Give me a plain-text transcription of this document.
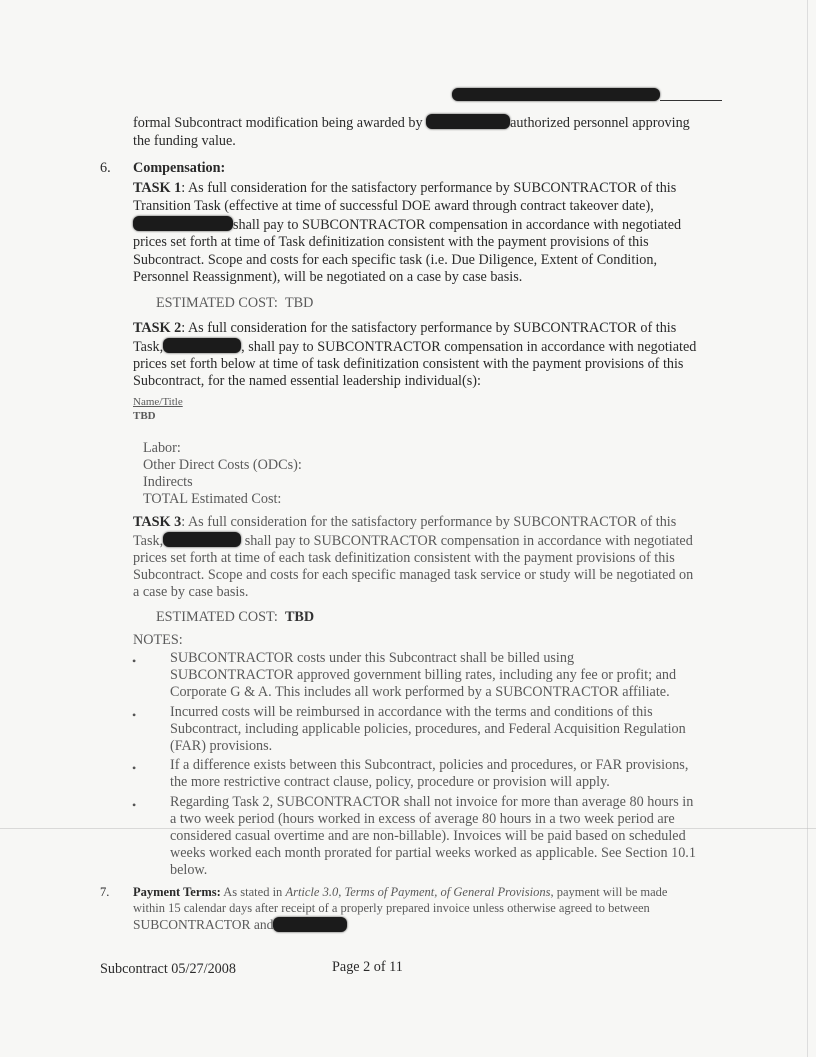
formal Subcontract modification being awarded by	authorized personnel approving
the funding value.
6. Compensation:
TASK 1: As full consideration for the satisfactory performance by SUBCONTRACTOR of this
Transition Task (effective at time of successful DOE award through contract takeover date),
shall pay to SUBCONTRACTOR compensation in accordance with negotiated
prices set forth at time of Task definitization consistent with the payment provisions of this
Subcontract. Scope and costs for each specific task (i.e. Due Diligence, Extent of Condition,
Personnel Reassignment), will be negotiated on a case by case basis.
ESTIMATED COST: TBD
TASK 2: As full consideration for the satisfactory performance by SUBCONTRACTOR of this
Task,	, shall pay to SUBCONTRACTOR compensation in accordance with negotiated
prices set forth below at time of task definitization consistent with the payment provisions of this
Subcontract, for the named essential leadership individual(s):
Name/Title
TBD
Labor:
Other Direct Costs (ODCs):
Indirects
TOTAL Estimated Cost:
TASK 3: As full consideration for the satisfactory performance by SUBCONTRACTOR of this
Task,	shall pay to SUBCONTRACTOR compensation in accordance with negotiated
prices set forth at time of each task definitization consistent with the payment provisions of this
Subcontract. Scope and costs for each specific managed task service or study will be negotiated on
a case by case basis.
ESTIMATED COST: TBD
NOTES:
• SUBCONTRACTOR costs under this Subcontract shall be billed using
SUBCONTRACTOR approved government billing rates, including any fee or profit; and
Corporate G & A. This includes all work performed by a SUBCONTRACTOR affiliate.
• Incurred costs will be reimbursed in accordance with the terms and conditions of this
Subcontract, including applicable policies, procedures, and Federal Acquisition Regulation
(FAR) provisions.
• If a difference exists between this Subcontract, policies and procedures, or FAR provisions,
the more restrictive contract clause, policy, procedure or provision will apply.
• Regarding Task 2, SUBCONTRACTOR shall not invoice for more than average 80 hours in
a two week period (hours worked in excess of average 80 hours in a two week period are
considered casual overtime and are non-billable). Invoices will be paid based on scheduled
weeks worked each month prorated for partial weeks worked as applicable. See Section 10.1
below.
7. Payment Terms: As stated in Article 3.0, Terms of Payment, of General Provisions, payment will be made
within 15 calendar days after receipt of a properly prepared invoice unless otherwise agreed to between
SUBCONTRACTOR and
Subcontract 05/27/2008	Page 2 of 11
